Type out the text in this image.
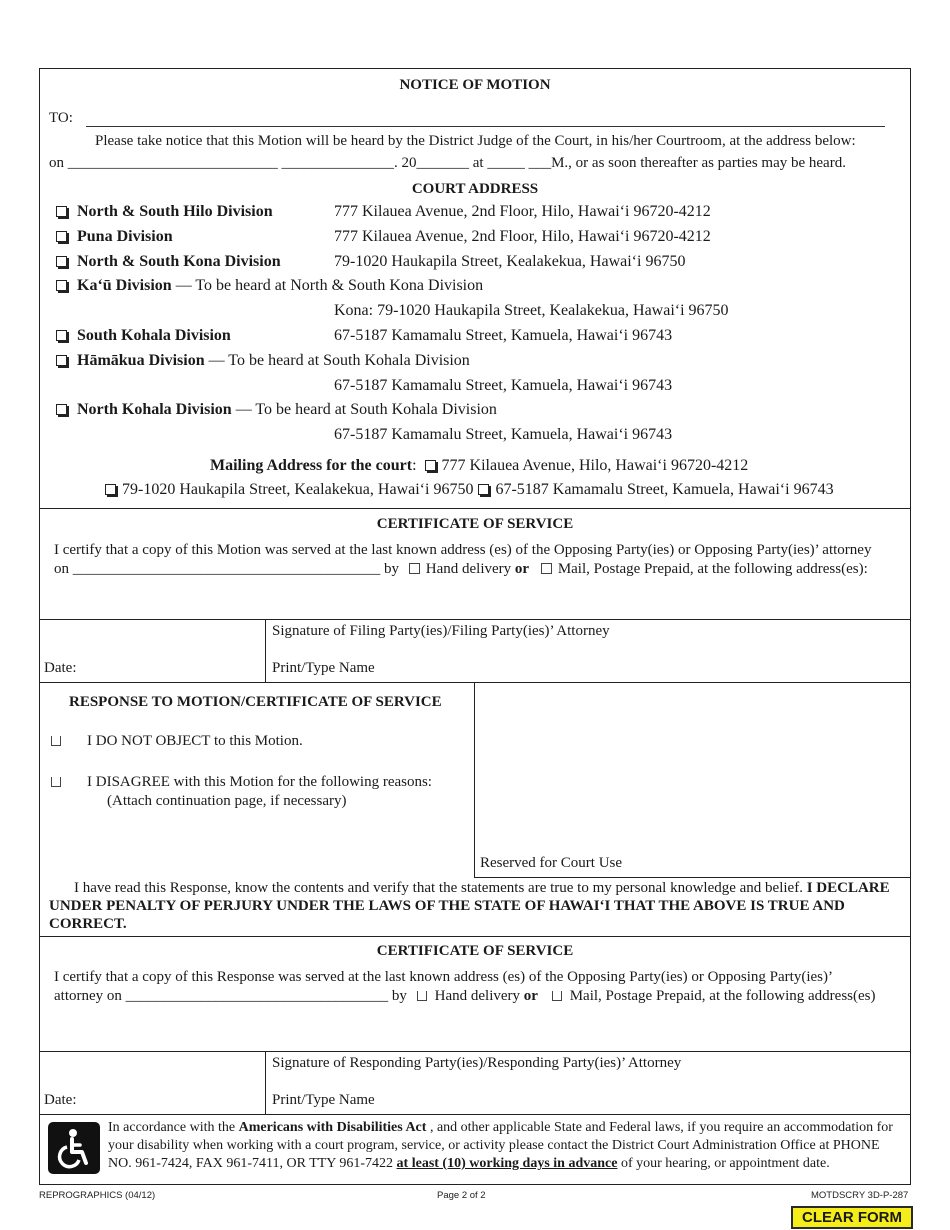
NOTICE OF MOTION
TO:
Please take notice that this Motion will be heard by the District Judge of the Court, in his/her Courtroom, at the address below:
on ____________________________ _______________. 20_______ at _____ ___M., or as soon thereafter as parties may be heard.
COURT ADDRESS
North & South Hilo Division	777 Kilauea Avenue, 2nd Floor, Hilo, Hawai‘i 96720-4212
Puna Division	777 Kilauea Avenue, 2nd Floor, Hilo, Hawai‘i 96720-4212
North & South Kona Division	79-1020 Haukapila Street, Kealakekua, Hawai‘i 96750
Ka‘ū Division — To be heard at North & South Kona Division
Kona: 79-1020 Haukapila Street, Kealakekua, Hawai‘i 96750
South Kohala Division	67-5187 Kamamalu Street, Kamuela, Hawai‘i 96743
Hāmākua Division — To be heard at South Kohala Division
67-5187 Kamamalu Street, Kamuela, Hawai‘i 96743
North Kohala Division — To be heard at South Kohala Division
67-5187 Kamamalu Street, Kamuela, Hawai‘i 96743
Mailing Address for the court: 777 Kilauea Avenue, Hilo, Hawai‘i 96720-4212
79-1020 Haukapila Street, Kealakekua, Hawai‘i 96750 67-5187 Kamamalu Street, Kamuela, Hawai‘i 96743
CERTIFICATE OF SERVICE
I certify that a copy of this Motion was served at the last known address (es) of the Opposing Party(ies) or Opposing Party(ies)’ attorney
on _________________________________________ by Hand delivery or Mail, Postage Prepaid, at the following address(es):
Date:
Signature of Filing Party(ies)/Filing Party(ies)’ Attorney
Print/Type Name
RESPONSE TO MOTION/CERTIFICATE OF SERVICE
I DO NOT OBJECT to this Motion.
I DISAGREE with this Motion for the following reasons:
(Attach continuation page, if necessary)
Reserved for Court Use
I have read this Response, know the contents and verify that the statements are true to my personal knowledge and belief. I DECLARE UNDER PENALTY OF PERJURY UNDER THE LAWS OF THE STATE OF HAWAI‘I THAT THE ABOVE IS TRUE AND CORRECT.
CERTIFICATE OF SERVICE
I certify that a copy of this Response was served at the last known address (es) of the Opposing Party(ies) or Opposing Party(ies)’
attorney on ___________________________________ by Hand delivery or Mail, Postage Prepaid, at the following address(es)
Date:
Signature of Responding Party(ies)/Responding Party(ies)’ Attorney
Print/Type Name
In accordance with the Americans with Disabilities Act , and other applicable State and Federal laws, if you require an accommodation for your disability when working with a court program, service, or activity please contact the District Court Administration Office at PHONE NO. 961-7424, FAX 961-7411, OR TTY 961-7422 at least (10) working days in advance of your hearing, or appointment date.
REPROGRAPHICS (04/12)	Page 2 of 2	MOTDSCRY 3D-P-287
CLEAR FORM
